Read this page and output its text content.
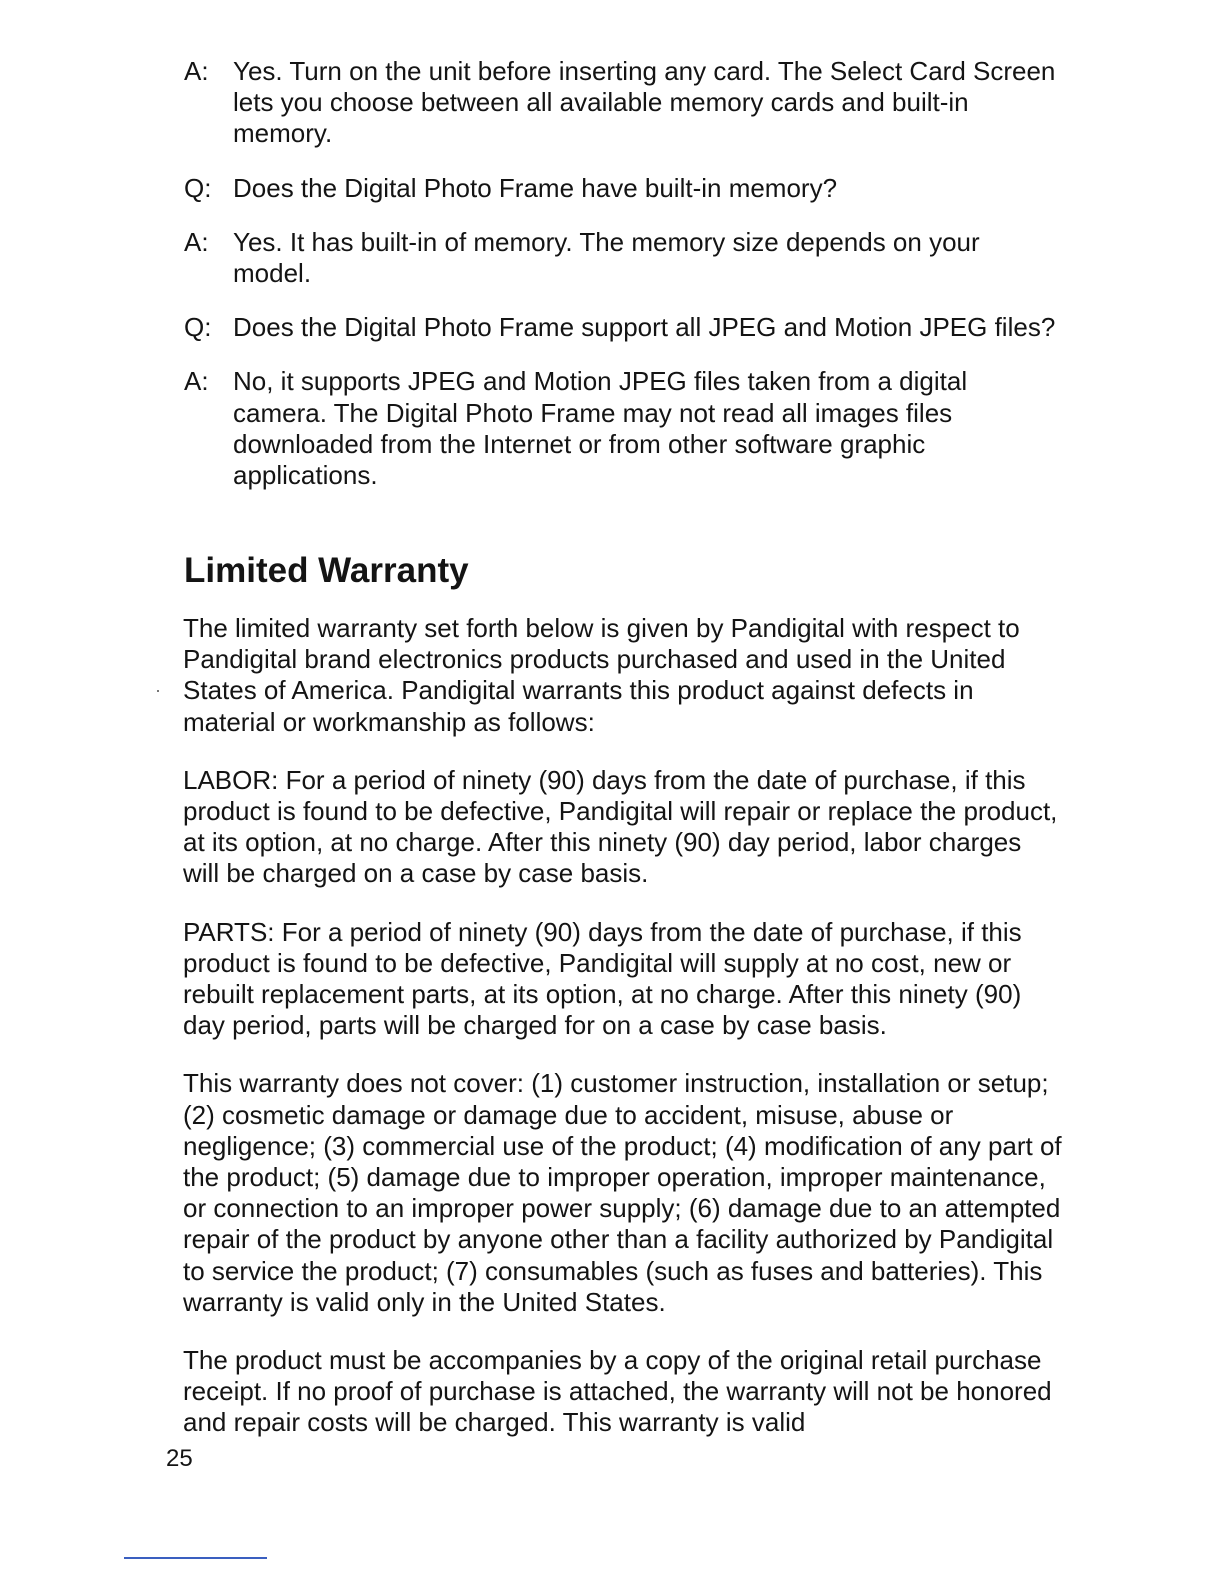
A: Yes. Turn on the unit before inserting any card. The Select Card Screen lets you choose between all available memory cards and built-in memory.
Q: Does the Digital Photo Frame have built-in memory?
A: Yes. It has built-in of memory. The memory size depends on your model.
Q: Does the Digital Photo Frame support all JPEG and Motion JPEG files?
A: No, it supports JPEG and Motion JPEG files taken from a digital camera. The Digital Photo Frame may not read all images files downloaded from the Internet or from other software graphic applications.
Limited Warranty

The limited warranty set forth below is given by Pandigital with respect to Pandigital brand electronics products purchased and used in the United States of America. Pandigital warrants this product against defects in material or workmanship as follows:

LABOR: For a period of ninety (90) days from the date of purchase, if this product is found to be defective, Pandigital will repair or replace the product, at its option, at no charge. After this ninety (90) day period, labor charges will be charged on a case by case basis.

PARTS: For a period of ninety (90) days from the date of purchase, if this product is found to be defective, Pandigital will supply at no cost, new or rebuilt replacement parts, at its option, at no charge. After this ninety (90) day period, parts will be charged for on a case by case basis.

This warranty does not cover: (1) customer instruction, installation or setup; (2) cosmetic damage or damage due to accident, misuse, abuse or negligence; (3) commercial use of the product; (4) modification of any part of the product; (5) damage due to improper operation, improper maintenance, or connection to an improper power supply; (6) damage due to an attempted repair of the product by anyone other than a facility authorized by Pandigital to service the product; (7) consumables (such as fuses and batteries). This warranty is valid only in the United States.

The product must be accompanies by a copy of the original retail purchase receipt. If no proof of purchase is attached, the warranty will not be honored and repair costs will be charged. This warranty is valid

25
